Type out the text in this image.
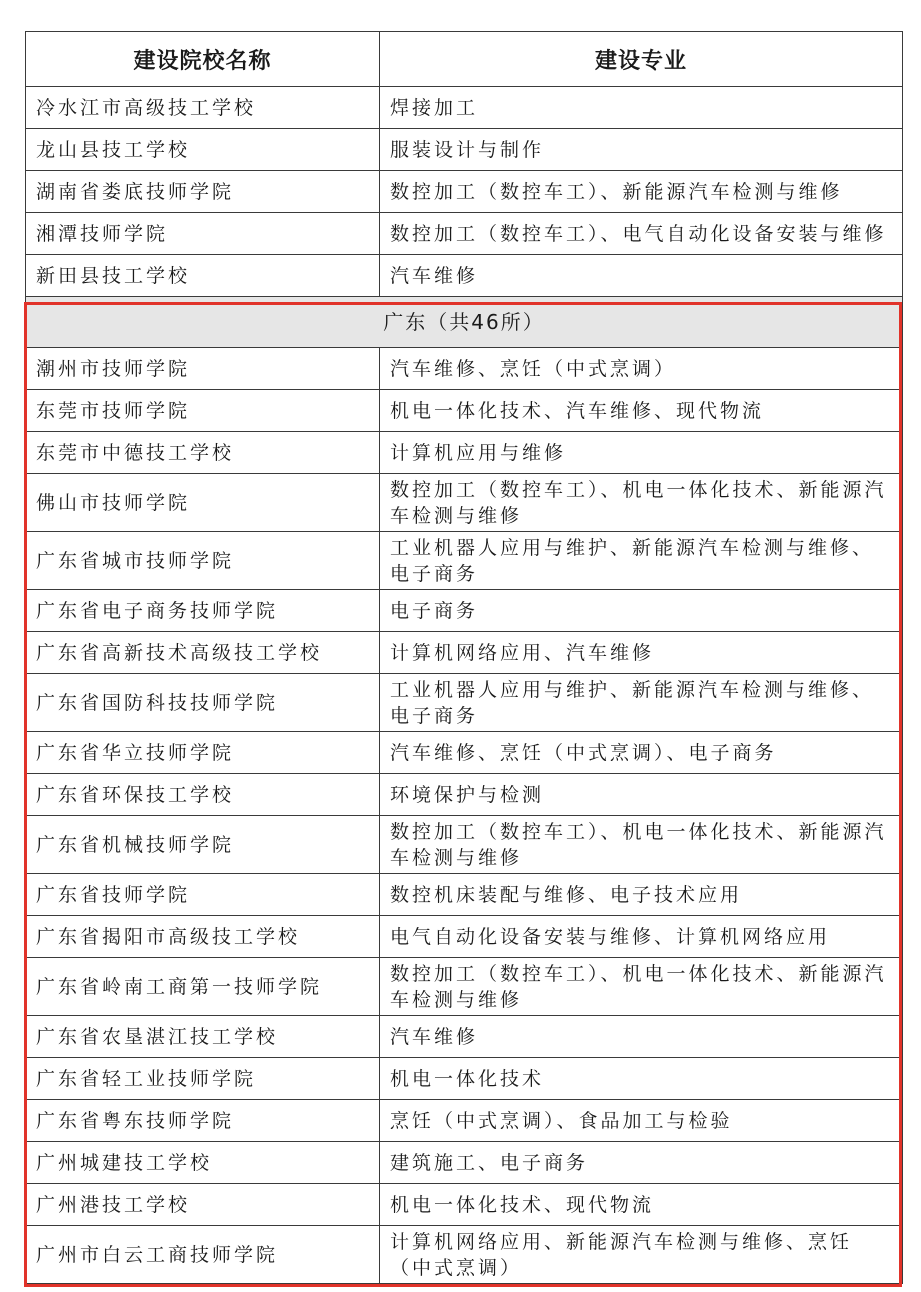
建设院校名称	建设专业
冷水江市高级技工学校	焊接加工
龙山县技工学校	服装设计与制作
湖南省娄底技师学院	数控加工（数控车工）、新能源汽车检测与维修
湘潭技师学院	数控加工（数控车工）、电气自动化设备安装与维修
新田县技工学校	汽车维修
广东（共46所）	
潮州市技师学院	汽车维修、烹饪（中式烹调）
东莞市技师学院	机电一体化技术、汽车维修、现代物流
东莞市中德技工学校	计算机应用与维修
佛山市技师学院	数控加工（数控车工）、机电一体化技术、新能源汽车检测与维修
广东省城市技师学院	工业机器人应用与维护、新能源汽车检测与维修、电子商务
广东省电子商务技师学院	电子商务
广东省高新技术高级技工学校	计算机网络应用、汽车维修
广东省国防科技技师学院	工业机器人应用与维护、新能源汽车检测与维修、电子商务
广东省华立技师学院	汽车维修、烹饪（中式烹调）、电子商务
广东省环保技工学校	环境保护与检测
广东省机械技师学院	数控加工（数控车工）、机电一体化技术、新能源汽车检测与维修
广东省技师学院	数控机床装配与维修、电子技术应用
广东省揭阳市高级技工学校	电气自动化设备安装与维修、计算机网络应用
广东省岭南工商第一技师学院	数控加工（数控车工）、机电一体化技术、新能源汽车检测与维修
广东省农垦湛江技工学校	汽车维修
广东省轻工业技师学院	机电一体化技术
广东省粤东技师学院	烹饪（中式烹调）、食品加工与检验
广州城建技工学校	建筑施工、电子商务
广州港技工学校	机电一体化技术、现代物流
广州市白云工商技师学院	计算机网络应用、新能源汽车检测与维修、烹饪（中式烹调）
